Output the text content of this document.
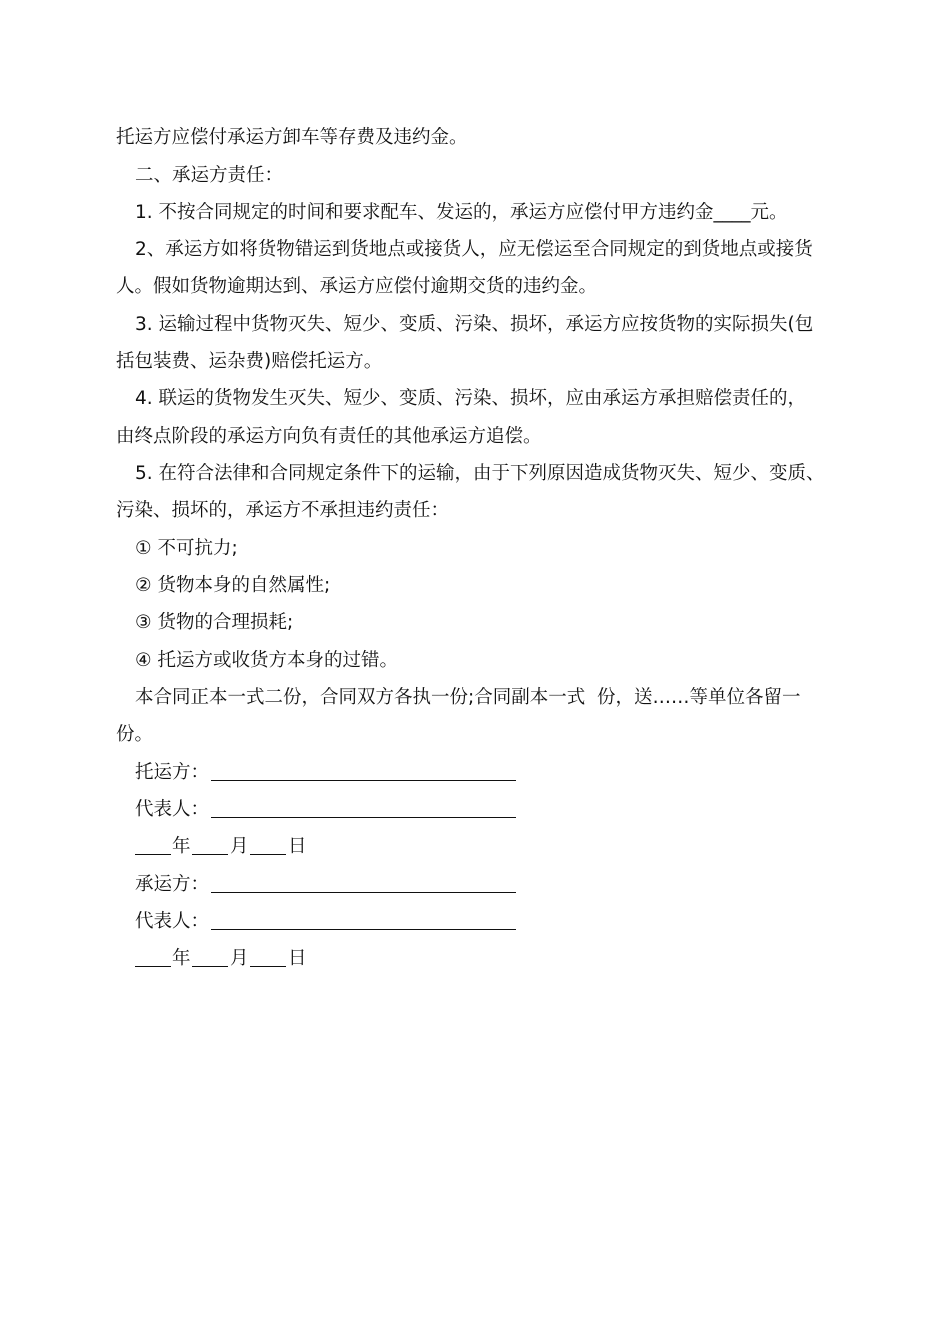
托运方应偿付承运方卸车等存费及违约金。
二、承运方责任：
1. 不按合同规定的时间和要求配车、发运的，承运方应偿付甲方违约金____元。
2、承运方如将货物错运到货地点或接货人，应无偿运至合同规定的到货地点或接货
人。假如货物逾期达到、承运方应偿付逾期交货的违约金。
3. 运输过程中货物灭失、短少、变质、污染、损坏，承运方应按货物的实际损失(包
括包装费、运杂费)赔偿托运方。
4. 联运的货物发生灭失、短少、变质、污染、损坏，应由承运方承担赔偿责任的，
由终点阶段的承运方向负有责任的其他承运方追偿。
5. 在符合法律和合同规定条件下的运输，由于下列原因造成货物灭失、短少、变质、
污染、损坏的，承运方不承担违约责任：
① 不可抗力;
② 货物本身的自然属性;
③ 货物的合理损耗;
④ 托运方或收货方本身的过错。
本合同正本一式二份，合同双方各执一份;合同副本一式  份，送……等单位各留一
份。
托运方：
代表人：
年 月 日
承运方：
代表人：
年 月 日
